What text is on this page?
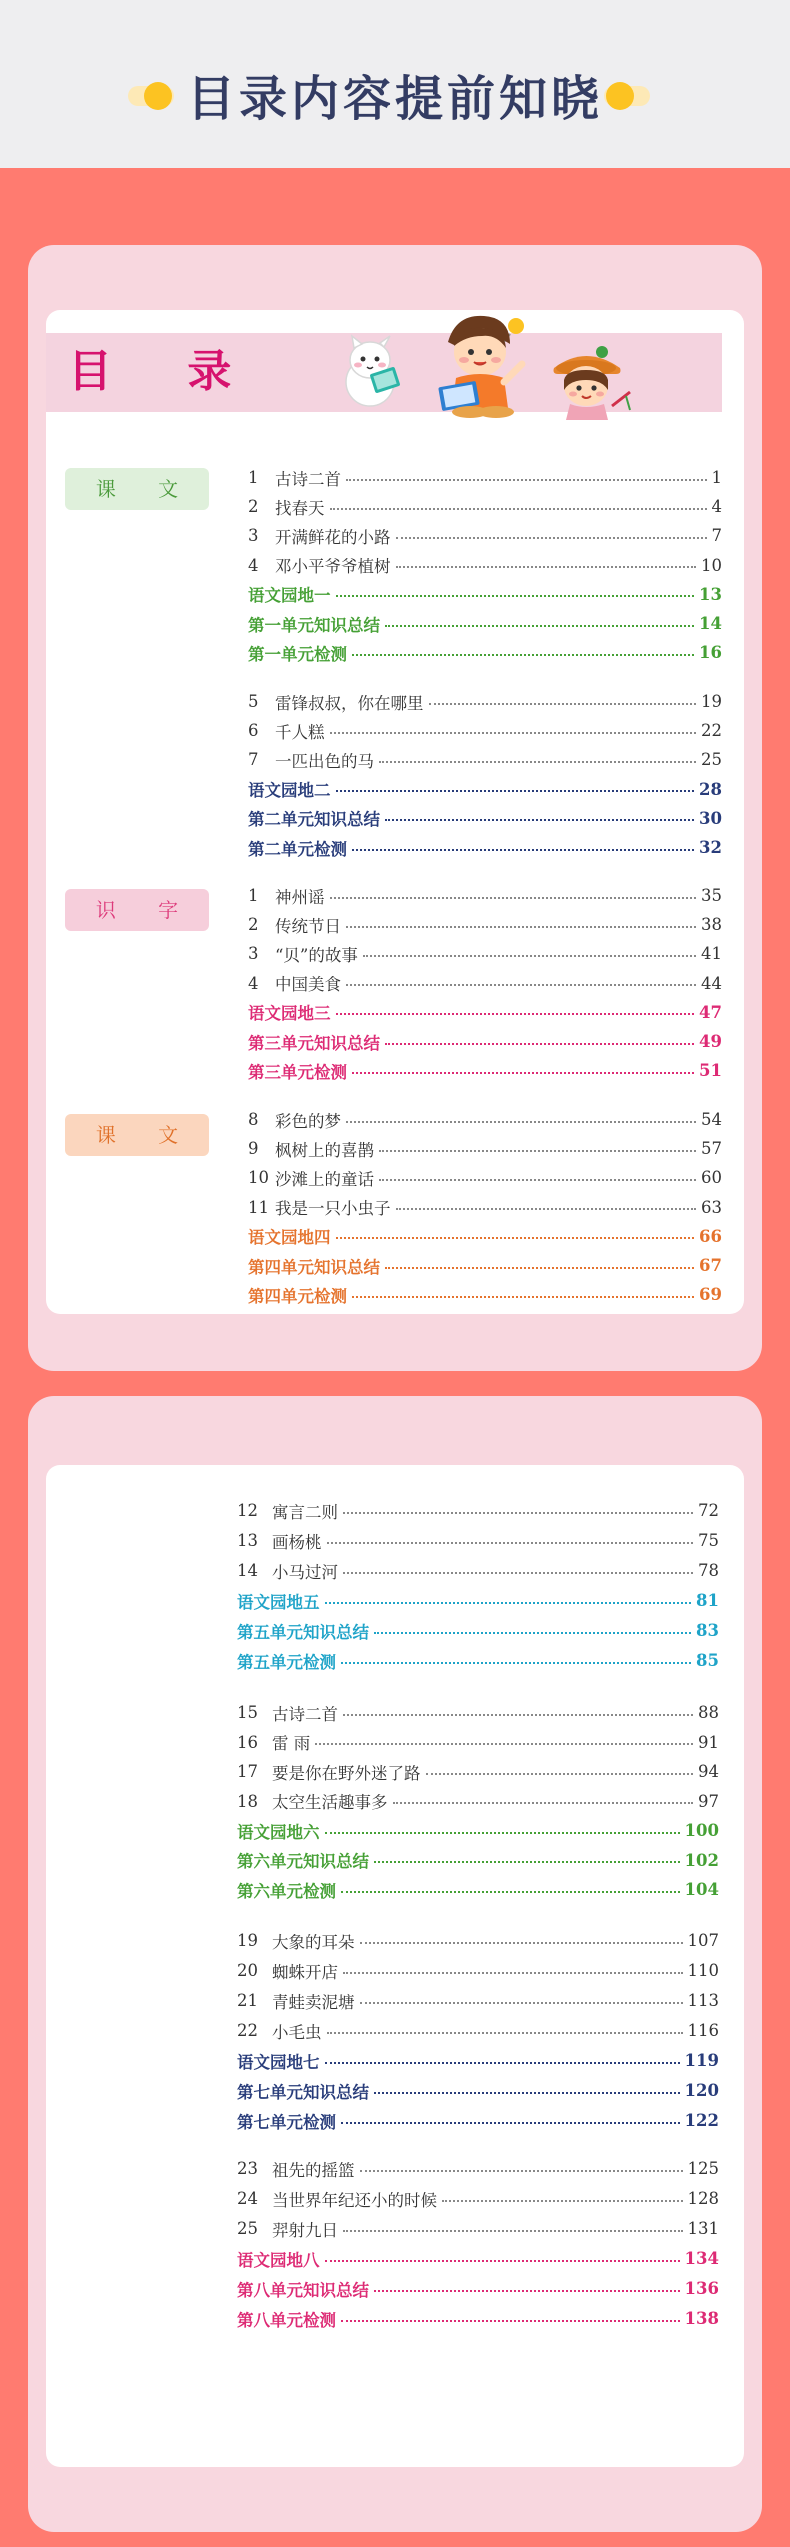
目录内容提前知晓
目 录
课 文
识 字
课 文
1	古诗二首	1
2	找春天	4
3	开满鲜花的小路	7
4	邓小平爷爷植树	10
语文园地一	13
第一单元知识总结	14
第一单元检测	16
5	雷锋叔叔，你在哪里	19
6	千人糕	22
7	一匹出色的马	25
语文园地二	28
第二单元知识总结	30
第二单元检测	32
1	神州谣	35
2	传统节日	38
3	“贝”的故事	41
4	中国美食	44
语文园地三	47
第三单元知识总结	49
第三单元检测	51
8	彩色的梦	54
9	枫树上的喜鹊	57
10 沙滩上的童话	60
11 我是一只小虫子	63
语文园地四	66
第四单元知识总结	67
第四单元检测	69
12 寓言二则	72
13 画杨桃	75
14 小马过河	78
语文园地五	81
第五单元知识总结	83
第五单元检测	85
15 古诗二首	88
16 雷 雨	91
17 要是你在野外迷了路	94
18 太空生活趣事多	97
语文园地六	100
第六单元知识总结	102
第六单元检测	104
19 大象的耳朵	107
20 蜘蛛开店	110
21 青蛙卖泥塘	113
22 小毛虫	116
语文园地七	119
第七单元知识总结	120
第七单元检测	122
23 祖先的摇篮	125
24 当世界年纪还小的时候	128
25 羿射九日	131
语文园地八	134
第八单元知识总结	136
第八单元检测	138
